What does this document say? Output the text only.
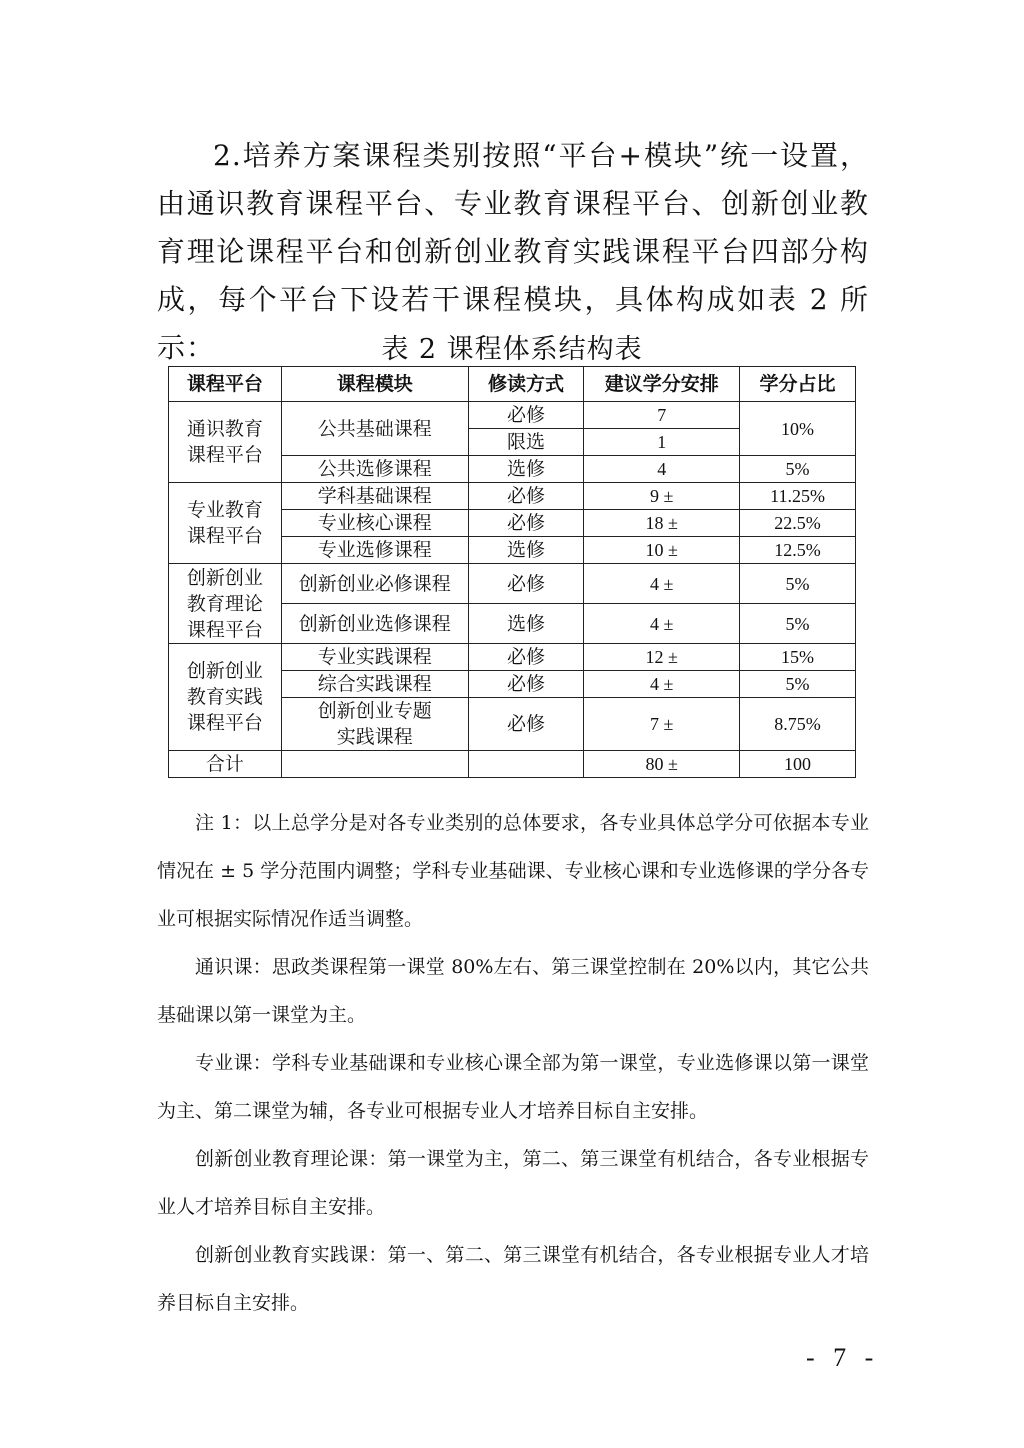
2.培养方案课程类别按照“平台+模块”统一设置，由通识教育课程平台、专业教育课程平台、创新创业教育理论课程平台和创新创业教育实践课程平台四部分构成，每个平台下设若干课程模块，具体构成如表 2 所示：	表 2 课程体系结构表
课程平台	课程模块	修读方式	建议学分安排	学分占比
通识教育课程平台	公共基础课程	必修	7	10%
		限选	1	
	公共选修课程	选修	4	5%
专业教育课程平台	学科基础课程	必修	9 ±	11.25%
	专业核心课程	必修	18 ±	22.5%
	专业选修课程	选修	10 ±	12.5%
创新创业教育理论课程平台	创新创业必修课程	必修	4 ±	5%
	创新创业选修课程	选修	4 ±	5%
创新创业教育实践课程平台	专业实践课程	必修	12 ±	15%
	综合实践课程	必修	4 ±	5%
	创新创业专题实践课程	必修	7 ±	8.75%
合计			80 ±	100

注 1：以上总学分是对各专业类别的总体要求，各专业具体总学分可依据本专业情况在 ± 5 学分范围内调整；学科专业基础课、专业核心课和专业选修课的学分各专业可根据实际情况作适当调整。

通识课：思政类课程第一课堂 80%左右、第三课堂控制在 20%以内，其它公共基础课以第一课堂为主。

专业课：学科专业基础课和专业核心课全部为第一课堂，专业选修课以第一课堂为主、第二课堂为辅，各专业可根据专业人才培养目标自主安排。

创新创业教育理论课：第一课堂为主，第二、第三课堂有机结合，各专业根据专业人才培养目标自主安排。

创新创业教育实践课：第一、第二、第三课堂有机结合，各专业根据专业人才培养目标自主安排。

- 7 -
